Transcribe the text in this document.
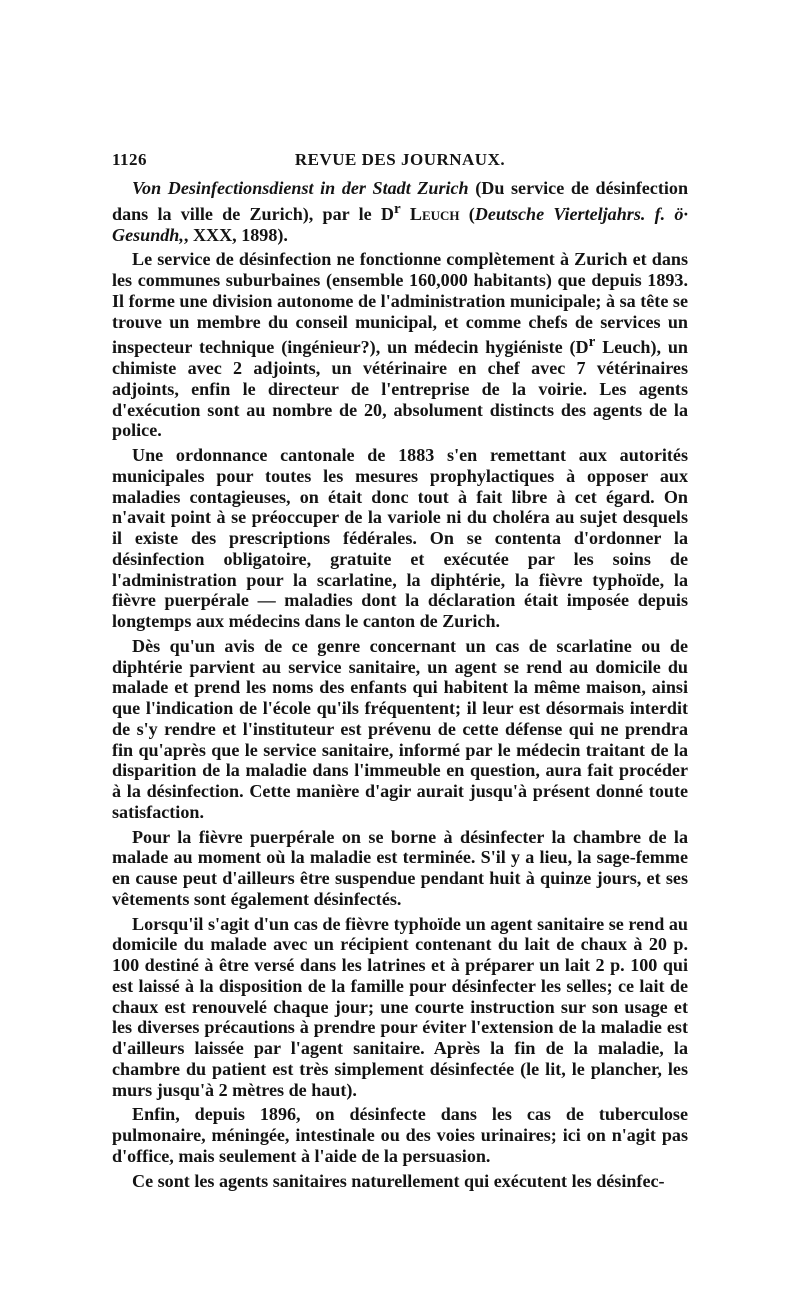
1126	REVUE DES JOURNAUX.

Von Desinfectionsdienst in der Stadt Zurich (Du service de désinfection dans la ville de Zurich), par le $D^r$ Leuch (Deutsche Vierteljahrs. f. ö· Gesundh,, XXX, 1898).

Le service de désinfection ne fonctionne complètement à Zurich et dans les communes suburbaines (ensemble 160,000 habitants) que depuis 1893. Il forme une division autonome de l'administration municipale; à sa tête se trouve un membre du conseil municipal, et comme chefs de services un inspecteur technique (ingénieur?), un médecin hygiéniste ($D^r$ Leuch), un chimiste avec 2 adjoints, un vétérinaire en chef avec 7 vétérinaires adjoints, enfin le directeur de l'entreprise de la voirie. Les agents d'exécution sont au nombre de 20, absolument distincts des agents de la police.

Une ordonnance cantonale de 1883 s'en remettant aux autorités municipales pour toutes les mesures prophylactiques à opposer aux maladies contagieuses, on était donc tout à fait libre à cet égard. On n'avait point à se préoccuper de la variole ni du choléra au sujet desquels il existe des prescriptions fédérales. On se contenta d'ordonner la désinfection obligatoire, gratuite et exécutée par les soins de l'administration pour la scarlatine, la diphtérie, la fièvre typhoïde, la fièvre puerpérale — maladies dont la déclaration était imposée depuis longtemps aux médecins dans le canton de Zurich.

Dès qu'un avis de ce genre concernant un cas de scarlatine ou de diphtérie parvient au service sanitaire, un agent se rend au domicile du malade et prend les noms des enfants qui habitent la même maison, ainsi que l'indication de l'école qu'ils fréquentent; il leur est désormais interdit de s'y rendre et l'instituteur est prévenu de cette défense qui ne prendra fin qu'après que le service sanitaire, informé par le médecin traitant de la disparition de la maladie dans l'immeuble en question, aura fait procéder à la désinfection. Cette manière d'agir aurait jusqu'à présent donné toute satisfaction.

Pour la fièvre puerpérale on se borne à désinfecter la chambre de la malade au moment où la maladie est terminée. S'il y a lieu, la sage-femme en cause peut d'ailleurs être suspendue pendant huit à quinze jours, et ses vêtements sont également désinfectés.

Lorsqu'il s'agit d'un cas de fièvre typhoïde un agent sanitaire se rend au domicile du malade avec un récipient contenant du lait de chaux à 20 p. 100 destiné à être versé dans les latrines et à préparer un lait 2 p. 100 qui est laissé à la disposition de la famille pour désinfecter les selles; ce lait de chaux est renouvelé chaque jour; une courte instruction sur son usage et les diverses précautions à prendre pour éviter l'extension de la maladie est d'ailleurs laissée par l'agent sanitaire. Après la fin de la maladie, la chambre du patient est très simplement désinfectée (le lit, le plancher, les murs jusqu'à 2 mètres de haut).

Enfin, depuis 1896, on désinfecte dans les cas de tuberculose pulmonaire, méningée, intestinale ou des voies urinaires; ici on n'agit pas d'office, mais seulement à l'aide de la persuasion.

Ce sont les agents sanitaires naturellement qui exécutent les désinfec-
